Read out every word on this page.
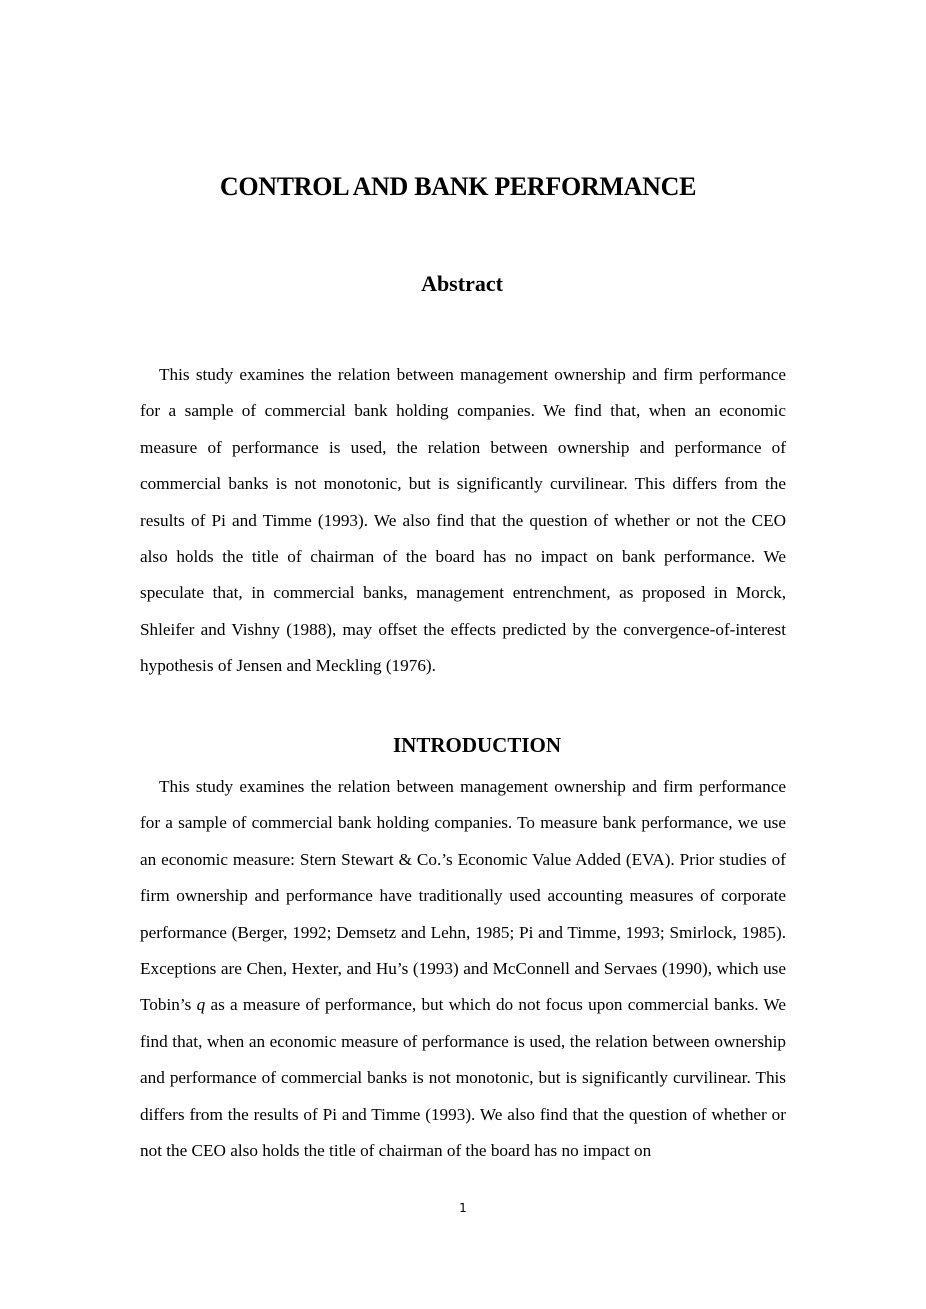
CONTROL AND BANK PERFORMANCE
Abstract

This study examines the relation between management ownership and firm performance for a sample of commercial bank holding companies. We find that, when an economic measure of performance is used, the relation between ownership and performance of commercial banks is not monotonic, but is significantly curvilinear. This differs from the results of Pi and Timme (1993). We also find that the question of whether or not the CEO also holds the title of chairman of the board has no impact on bank performance. We speculate that, in commercial banks, management entrenchment, as proposed in Morck, Shleifer and Vishny (1988), may offset the effects predicted by the convergence-of-interest hypothesis of Jensen and Meckling (1976).

INTRODUCTION

This study examines the relation between management ownership and firm performance for a sample of commercial bank holding companies. To measure bank performance, we use an economic measure: Stern Stewart & Co.’s Economic Value Added (EVA). Prior studies of firm ownership and performance have traditionally used accounting measures of corporate performance (Berger, 1992; Demsetz and Lehn, 1985; Pi and Timme, 1993; Smirlock, 1985). Exceptions are Chen, Hexter, and Hu’s (1993) and McConnell and Servaes (1990), which use Tobin’s q as a measure of performance, but which do not focus upon commercial banks. We find that, when an economic measure of performance is used, the relation between ownership and performance of commercial banks is not monotonic, but is significantly curvilinear. This differs from the results of Pi and Timme (1993). We also find that the question of whether or not the CEO also holds the title of chairman of the board has no impact on

1
